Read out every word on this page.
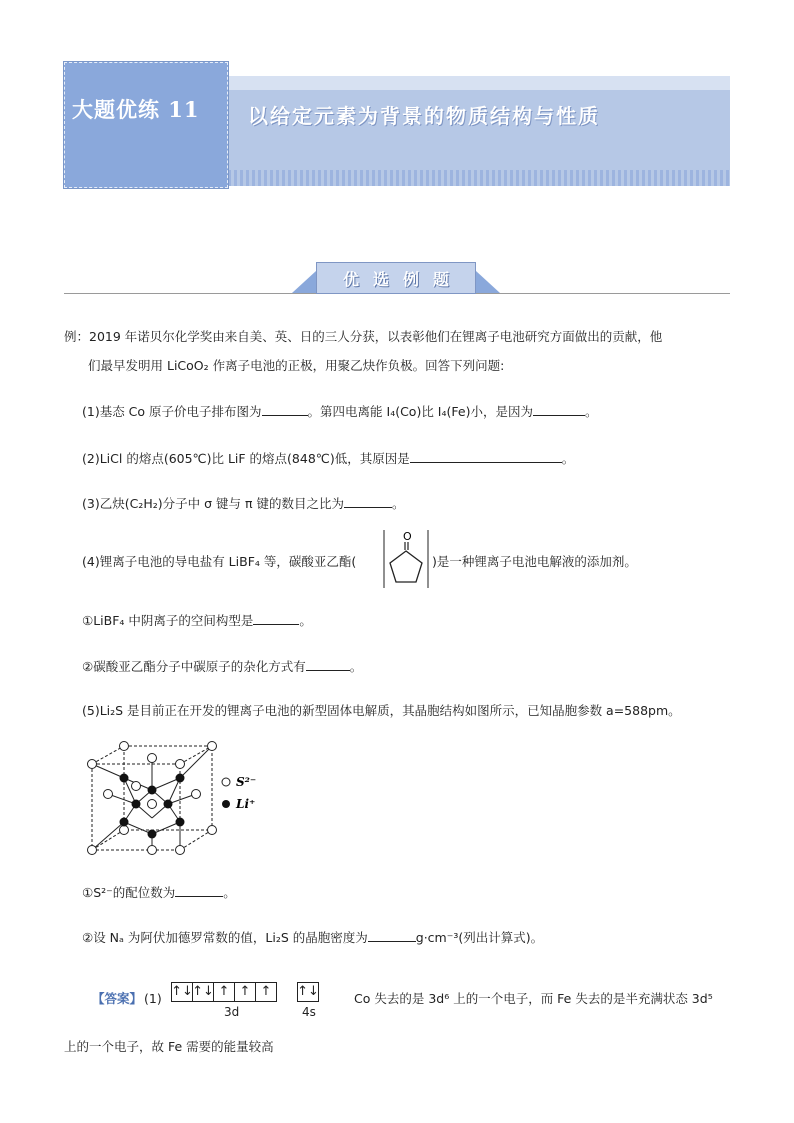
大题优练 11 以给定元素为背景的物质结构与性质
优选例题
例：2019 年诺贝尔化学奖由来自美、英、日的三人分获，以表彰他们在锂离子电池研究方面做出的贡献，他
们最早发明用 LiCoO₂ 作离子电池的正极，用聚乙炔作负极。回答下列问题:
(1)基态 Co 原子价电子排布图为	。第四电离能 I₄(Co)比 I₄(Fe)小，是因为	。
(2)LiCl 的熔点(605℃)比 LiF 的熔点(848℃)低，其原因是	。
(3)乙炔(C₂H₂)分子中 σ 键与 π 键的数目之比为	。
(4)锂离子电池的导电盐有 LiBF₄ 等，碳酸亚乙酯(
O
)是一种锂离子电池电解液的添加剂。
①LiBF₄ 中阴离子的空间构型是	。
②碳酸亚乙酯分子中碳原子的杂化方式有	。
(5)Li₂S 是目前正在开发的锂离子电池的新型固体电解质，其晶胞结构如图所示，已知晶胞参数 a=588pm。
S²⁻
Li⁺
①S²⁻的配位数为	。
②设 Nₐ 为阿伏加德罗常数的值，Li₂S 的晶胞密度为	g·cm⁻³(列出计算式)。
【答案】 (1) ↑↓ ↑↓ ↑ ↑ ↑	↑↓
3d	4s
Co 失去的是 3d⁶ 上的一个电子，而 Fe 失去的是半充满状态 3d⁵
上的一个电子，故 Fe 需要的能量较高
